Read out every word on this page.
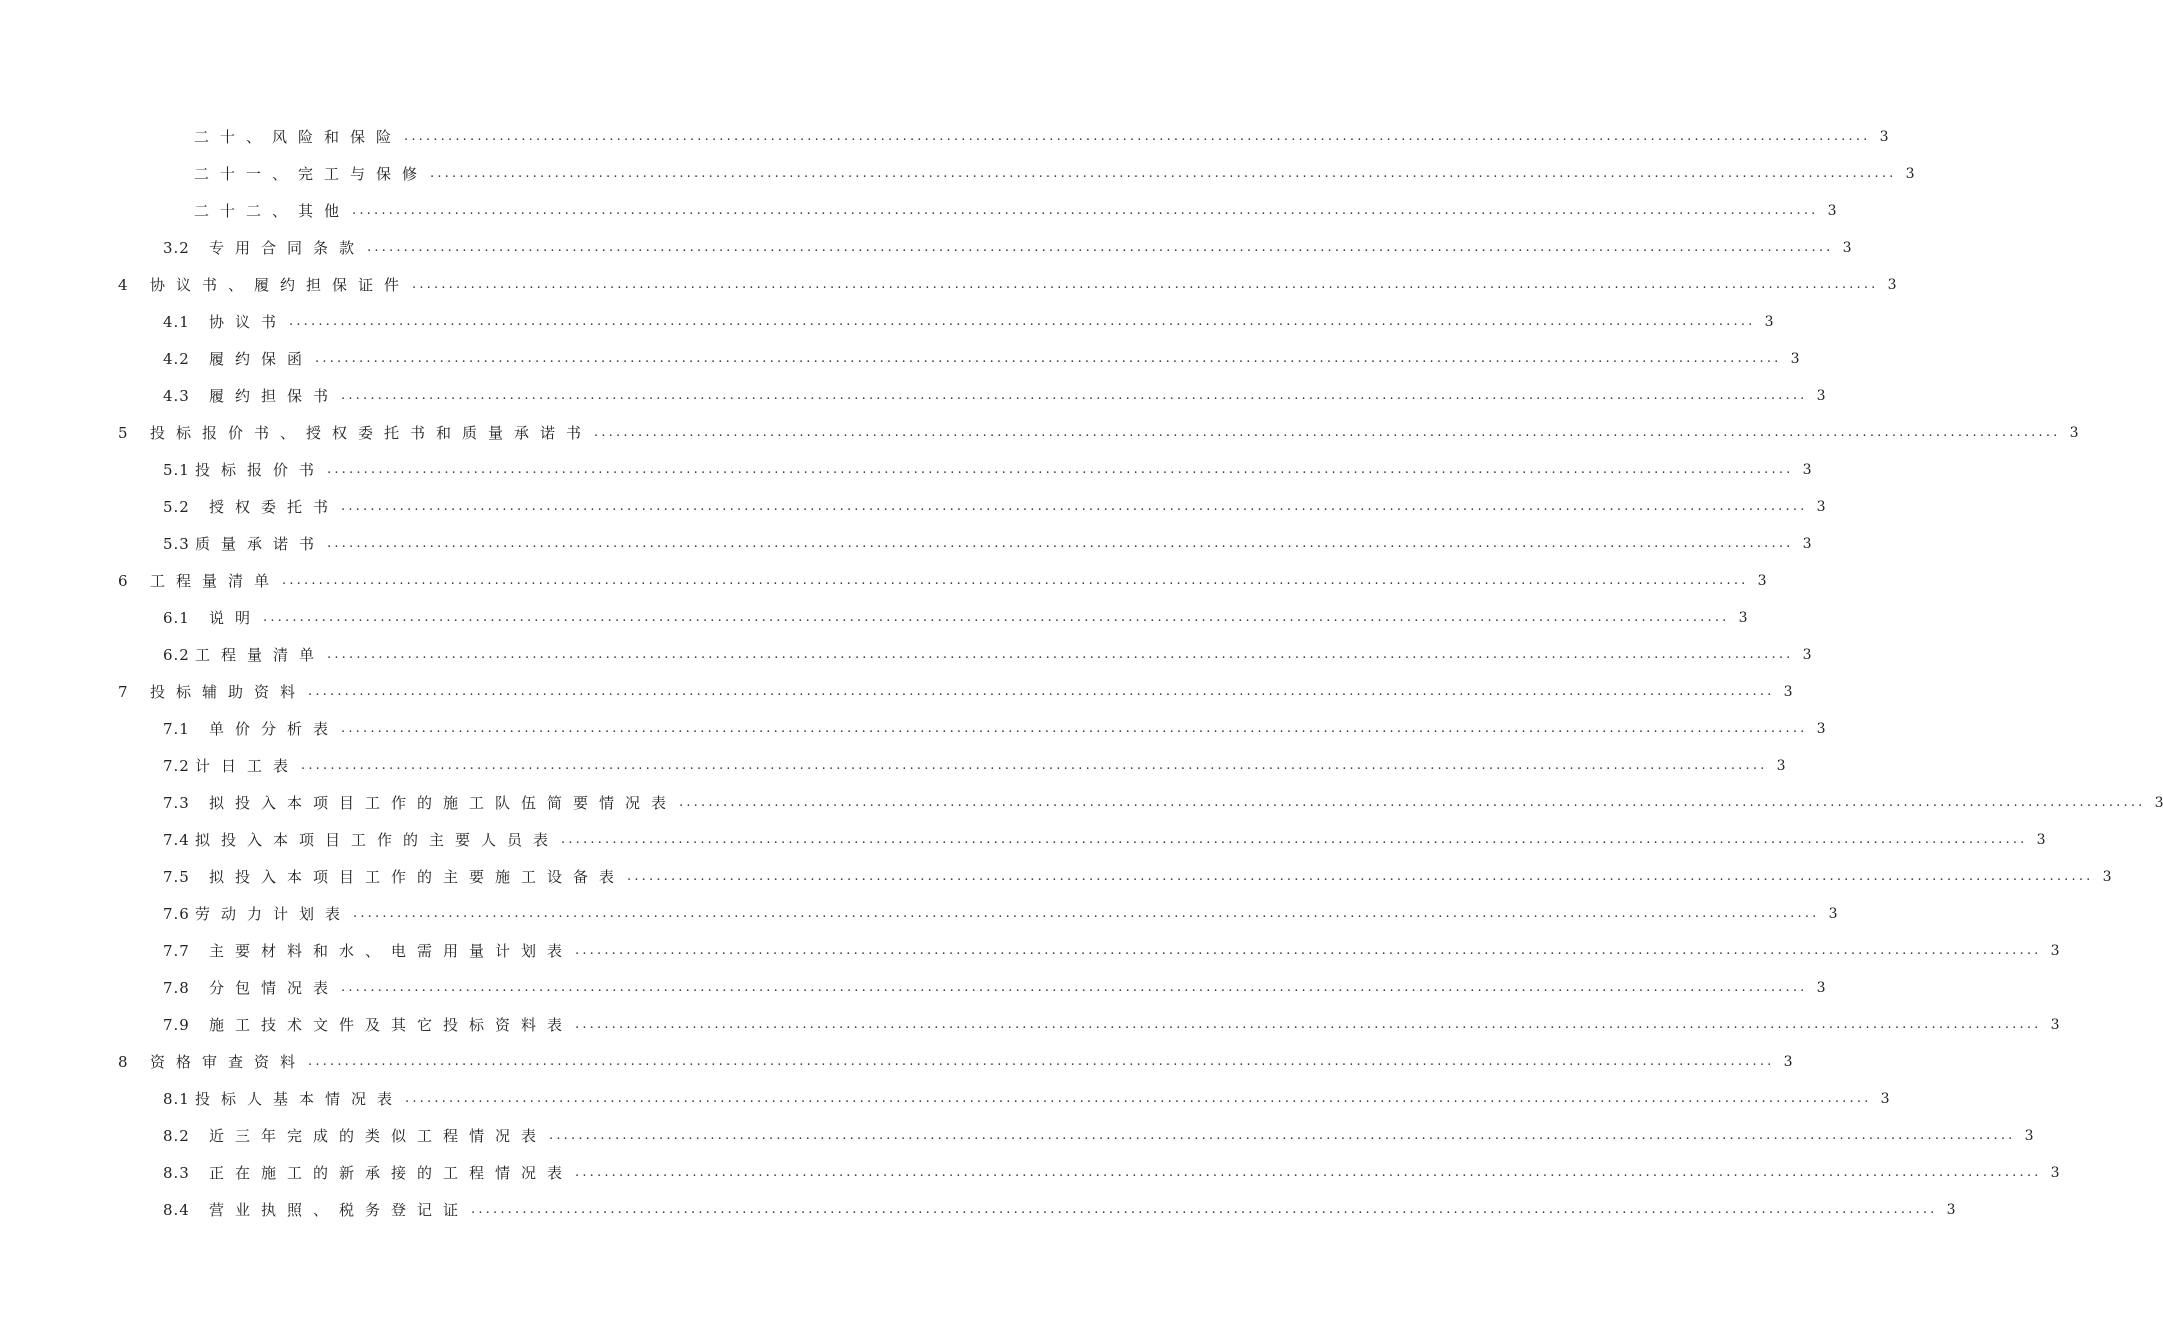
二十、风险和保险 ........................................................................................................................................................................................................ 3
二十一、完工与保修 ........................................................................................................................................................................................................ 3
二十二、其他 ........................................................................................................................................................................................................ 3
3.2 专用合同条款 ........................................................................................................................................................................................................ 3
4 协议书、履约担保证件 ........................................................................................................................................................................................................ 3
4.1 协议书 ........................................................................................................................................................................................................ 3
4.2 履约保函 ........................................................................................................................................................................................................ 3
4.3 履约担保书 ........................................................................................................................................................................................................ 3
5 投标报价书、授权委托书和质量承诺书 ........................................................................................................................................................................................................ 3
5.1 投标报价书 ........................................................................................................................................................................................................ 3
5.2 授权委托书 ........................................................................................................................................................................................................ 3
5.3 质量承诺书 ........................................................................................................................................................................................................ 3
6 工程量清单 ........................................................................................................................................................................................................ 3
6.1 说明 ........................................................................................................................................................................................................ 3
6.2 工程量清单 ........................................................................................................................................................................................................ 3
7 投标辅助资料 ........................................................................................................................................................................................................ 3
7.1 单价分析表 ........................................................................................................................................................................................................ 3
7.2 计日工表 ........................................................................................................................................................................................................ 3
7.3 拟投入本项目工作的施工队伍简要情况表 ........................................................................................................................................................................................................ 3
7.4 拟投入本项目工作的主要人员表 ........................................................................................................................................................................................................ 3
7.5 拟投入本项目工作的主要施工设备表 ........................................................................................................................................................................................................ 3
7.6 劳动力计划表 ........................................................................................................................................................................................................ 3
7.7 主要材料和水、电需用量计划表 ........................................................................................................................................................................................................ 3
7.8 分包情况表 ........................................................................................................................................................................................................ 3
7.9 施工技术文件及其它投标资料表 ........................................................................................................................................................................................................ 3
8 资格审查资料 ........................................................................................................................................................................................................ 3
8.1 投标人基本情况表 ........................................................................................................................................................................................................ 3
8.2 近三年完成的类似工程情况表 ........................................................................................................................................................................................................ 3
8.3 正在施工的新承接的工程情况表 ........................................................................................................................................................................................................ 3
8.4 营业执照、税务登记证 ........................................................................................................................................................................................................ 3
